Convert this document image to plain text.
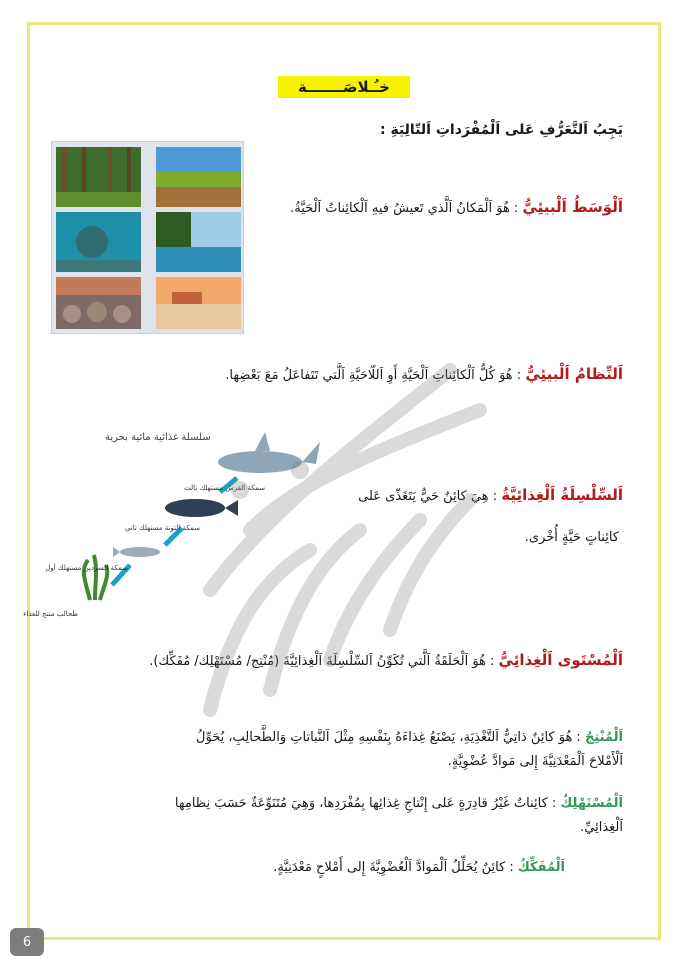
خـُـلاصَـــــــة
يَجِبُ اَلتَّعَرُّفِ عَلى اَلْمُفْرَداتِ اَلتّالِيَةِ :
اَلْوَسَطُ اَلْبيئِيُّ : هُوَ اَلْمَكانُ اَلَّذي تَعيشُ فيهِ اَلْكائِناتُ اَلْحَيَّةُ.
اَلنِّظامُ اَلْبيئِيُّ : هُوَ كُلُّ اَلْكائِناتِ اَلْحَيَّةِ أَوِ اَللّاحَيَّةِ اَلَّتي تَتَفاعَلُ مَعَ بَعْضِها.
سلسلة غذائية مائية بحرية
طحالب منتج للغذاء
سمكة السردين مستهلك أول
سمكة التونة مستهلك ثاني
سمكة القرش مستهلك ثالث	اَلسِّلْسِلَةُ اَلْغِذائِيَّةُ : هِيَ كائِنٌ حَيٌّ يَتَغَذّى عَلى
كائِناتٍ حَيَّةٍ أُخْرى.
اَلْمُسْتَوى اَلْغِذائِيُّ : هُوَ اَلْحَلَقَةُ اَلَّتي تُكَوِّنُ اَلسِّلْسِلَةَ اَلْغِذائِيَّةَ (مُنْتِج/ مُسْتَهْلِك/ مُفَكِّك).
اَلْمُنْتِجُ : هُوَ كائِنٌ ذاتِيُّ اَلتَّغْذِيَةِ، يَصْنَعُ غِذاءَهُ بِنَفْسِهِ مِثْلَ اَلنَّباتاتِ وَالطَّحالِبِ، يُحَوِّلُ
اَلْأَمْلاحَ اَلْمَعْدَنِيَّةَ إِلى مَوادَّ عُضْوِيَّةٍ.
اَلْمُسْتَهْلِكُ : كائِناتٌ غَيْرُ قادِرَةٍ عَلى إِنْتاجِ غِذائِها بِمُفْرَدِها، وَهِيَ مُتَنَوِّعَةٌ حَسَبَ نِظامِها
اَلْغِذائِيِّ.
اَلْمُفَكِّكُ : كائِنٌ يُحَلِّلُ اَلْمَوادَّ اَلْعُضْوِيَّةَ إِلى أَمْلاحٍ مَعْدَنِيَّةٍ.
6
